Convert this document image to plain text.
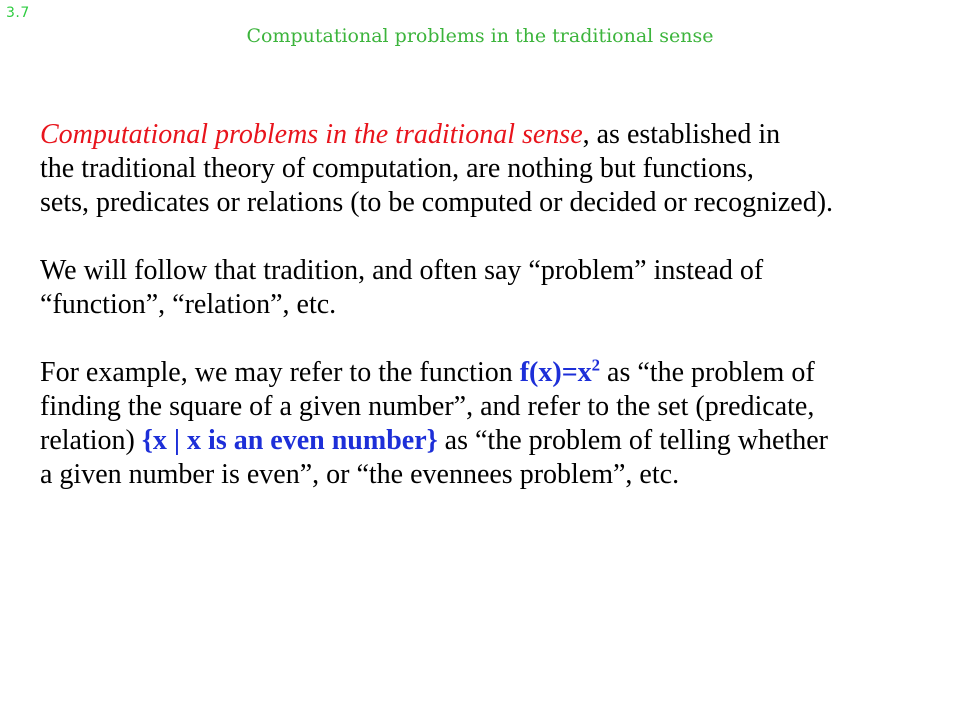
3.7
Computational problems in the traditional sense

Computational problems in the traditional sense, as established in
the traditional theory of computation, are nothing but functions,
sets, predicates or relations (to be computed or decided or recognized).

We will follow that tradition, and often say “problem” instead of
“function”, “relation”, etc.

For example, we may refer to the function $f(x)=x^2$ as “the problem of
finding the square of a given number”, and refer to the set (predicate,
relation) {x | x is an even number} as “the problem of telling whether
a given number is even”, or “the evennees problem”, etc.
